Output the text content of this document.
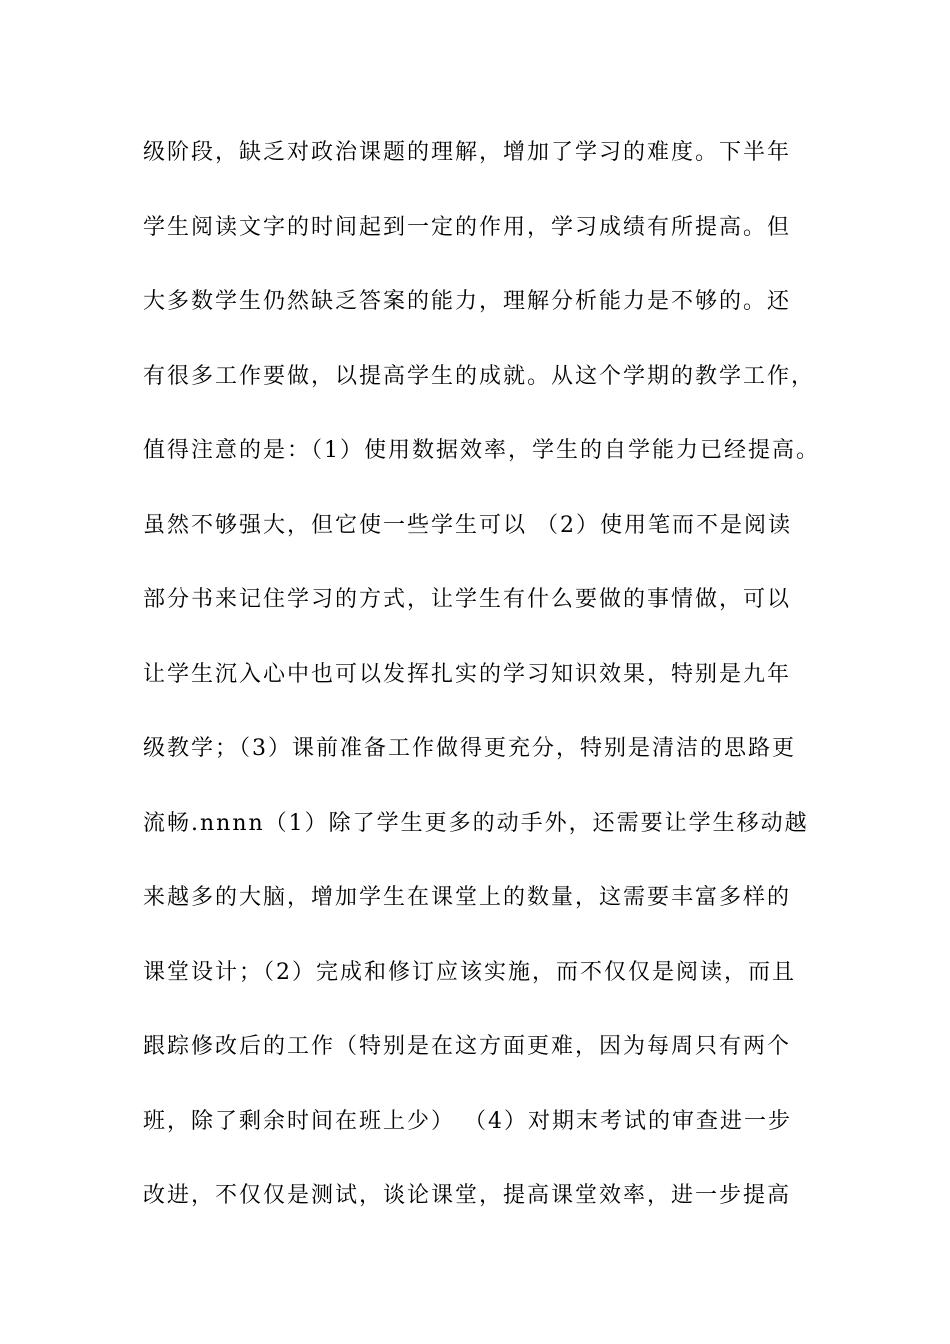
级阶段，缺乏对政治课题的理解，增加了学习的难度。下半年
学生阅读文字的时间起到一定的作用，学习成绩有所提高。但
大多数学生仍然缺乏答案的能力，理解分析能力是不够的。还
有很多工作要做，以提高学生的成就。从这个学期的教学工作，
值得注意的是：（1）使用数据效率，学生的自学能力已经提高。
虽然不够强大，但它使一些学生可以 （2）使用笔而不是阅读
部分书来记住学习的方式，让学生有什么要做的事情做，可以
让学生沉入心中也可以发挥扎实的学习知识效果，特别是九年
级教学；（3）课前准备工作做得更充分，特别是清洁的思路更
流畅.nnnn（1）除了学生更多的动手外，还需要让学生移动越
来越多的大脑，增加学生在课堂上的数量，这需要丰富多样的
课堂设计；（2）完成和修订应该实施，而不仅仅是阅读，而且
跟踪修改后的工作（特别是在这方面更难，因为每周只有两个
班，除了剩余时间在班上少） （4）对期末考试的审查进一步
改进，不仅仅是测试，谈论课堂，提高课堂效率，进一步提高
